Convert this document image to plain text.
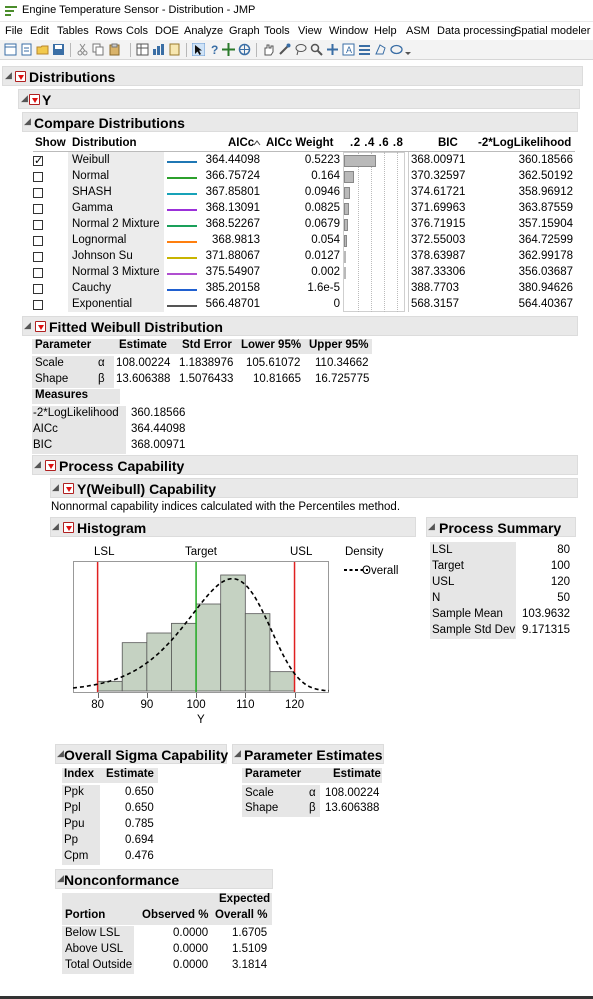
Engine Temperature Sensor - Distribution - JMP
File Edit Tables Rows Cols DOE Analyze Graph Tools View Window Help ASM Data processing
Spatial modeler
?	A
◢ Distributions
◢ Y
◢ Compare Distributions
Show Distribution	AICc AICc Weight .2 .4 .6 .8	BIC -2*LogLikelihood
✓	Weibull	364.44098	0.5223	368.00971	360.18566
Normal	366.75724	0.164	370.32597	362.50192
SHASH	367.85801	0.0946	374.61721	358.96912
Gamma	368.13091	0.0825	371.69963	363.87559
Normal 2 Mixture	368.52267	0.0679	376.71915	357.15904
Lognormal	368.9813	0.054	372.55003	364.72599
Johnson Su	371.88067	0.0127	378.63987	362.99178
Normal 3 Mixture	375.54907	0.002	387.33306	356.03687
Cauchy	385.20158	1.6e-5	388.7703	380.94626
Exponential	566.48701	0	568.3157	564.40367
◢ Fitted Weibull Distribution
Parameter Estimate Std Error Lower 95% Upper 95%
Scale	α 108.00224 1.1838976 105.61072 110.34662
Shape	β 13.606388 1.5076433 10.81665 16.725775
Measures
-2*LogLikelihood 360.18566
AICc	364.44098
BIC	368.00971
◢ Process Capability
◢ Y(Weibull) Capability
Nonnormal capability indices calculated with the Percentiles method.
◢ Histogram
LSL	Target	USL	Density
Overall
80	90	100	110	120
Y
◢ Process Summary
LSL	80
Target	100
USL	120
N	50
Sample Mean	103.9632
Sample Std Dev 9.171315
◢ Overall Sigma Capability
Index Estimate
Ppk	0.650
Ppl	0.650
Ppu	0.785
Pp	0.694
Cpm	0.476
◢ Parameter Estimates
Parameter	Estimate
Scale	α 108.00224
Shape	β 13.606388
◢ Nonconformance
Expected
Portion	Observed % Overall %
Below LSL	0.0000 1.6705
Above USL	0.0000 1.5109
Total Outside	0.0000 3.1814
